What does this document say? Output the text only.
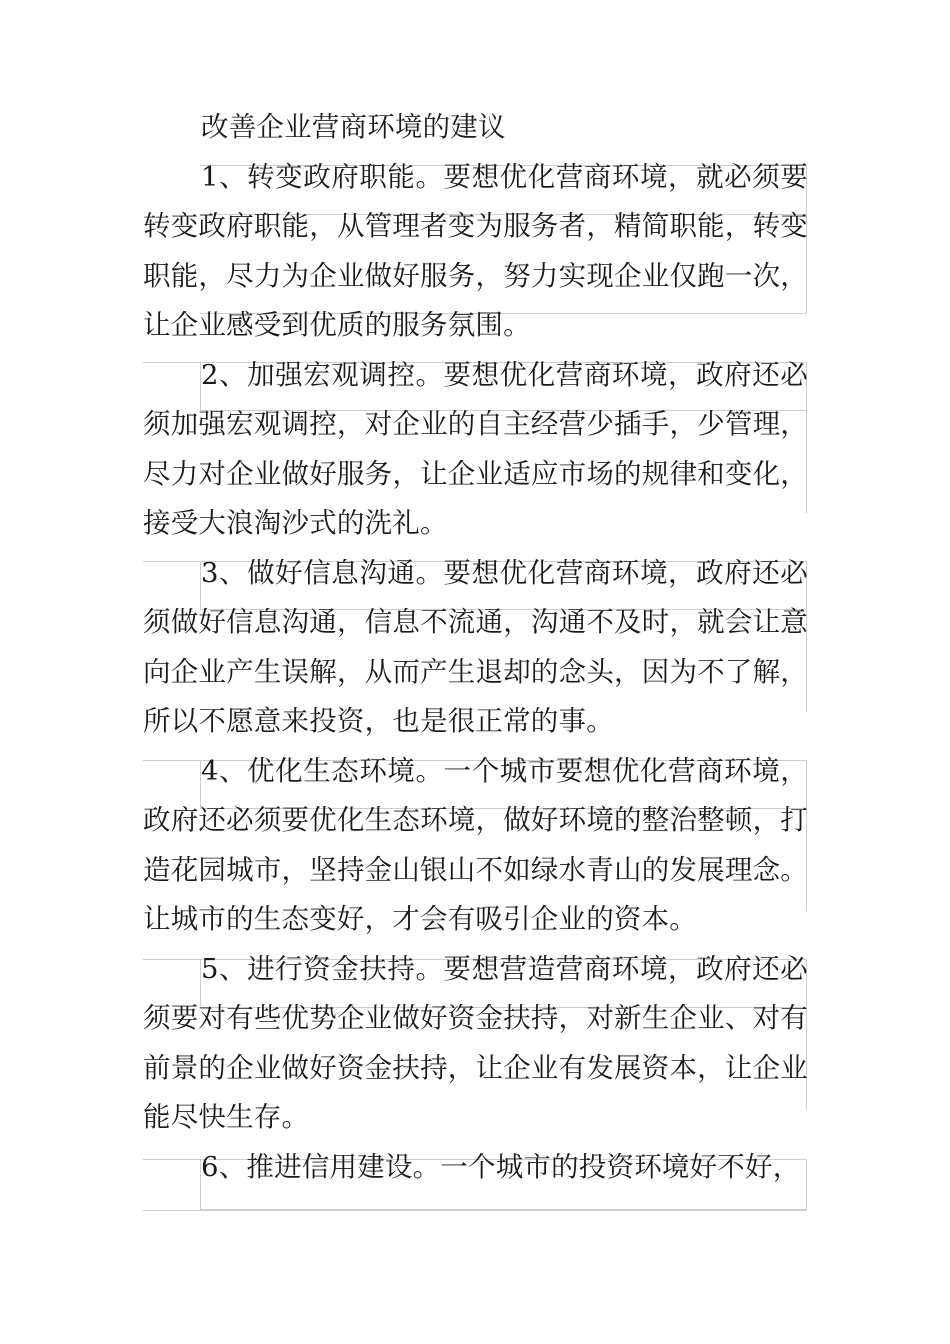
改善企业营商环境的建议

1、转变政府职能。要想优化营商环境，就必须要转变政府职能，从管理者变为服务者，精简职能，转变职能，尽力为企业做好服务，努力实现企业仅跑一次，让企业感受到优质的服务氛围。

2、加强宏观调控。要想优化营商环境，政府还必须加强宏观调控，对企业的自主经营少插手，少管理，尽力对企业做好服务，让企业适应市场的规律和变化，接受大浪淘沙式的洗礼。

3、做好信息沟通。要想优化营商环境，政府还必须做好信息沟通，信息不流通，沟通不及时，就会让意向企业产生误解，从而产生退却的念头，因为不了解，所以不愿意来投资，也是很正常的事。

4、优化生态环境。一个城市要想优化营商环境，政府还必须要优化生态环境，做好环境的整治整顿，打造花园城市，坚持金山银山不如绿水青山的发展理念。让城市的生态变好，才会有吸引企业的资本。

5、进行资金扶持。要想营造营商环境，政府还必须要对有些优势企业做好资金扶持，对新生企业、对有前景的企业做好资金扶持，让企业有发展资本，让企业能尽快生存。

6、推进信用建设。一个城市的投资环境好不好，
